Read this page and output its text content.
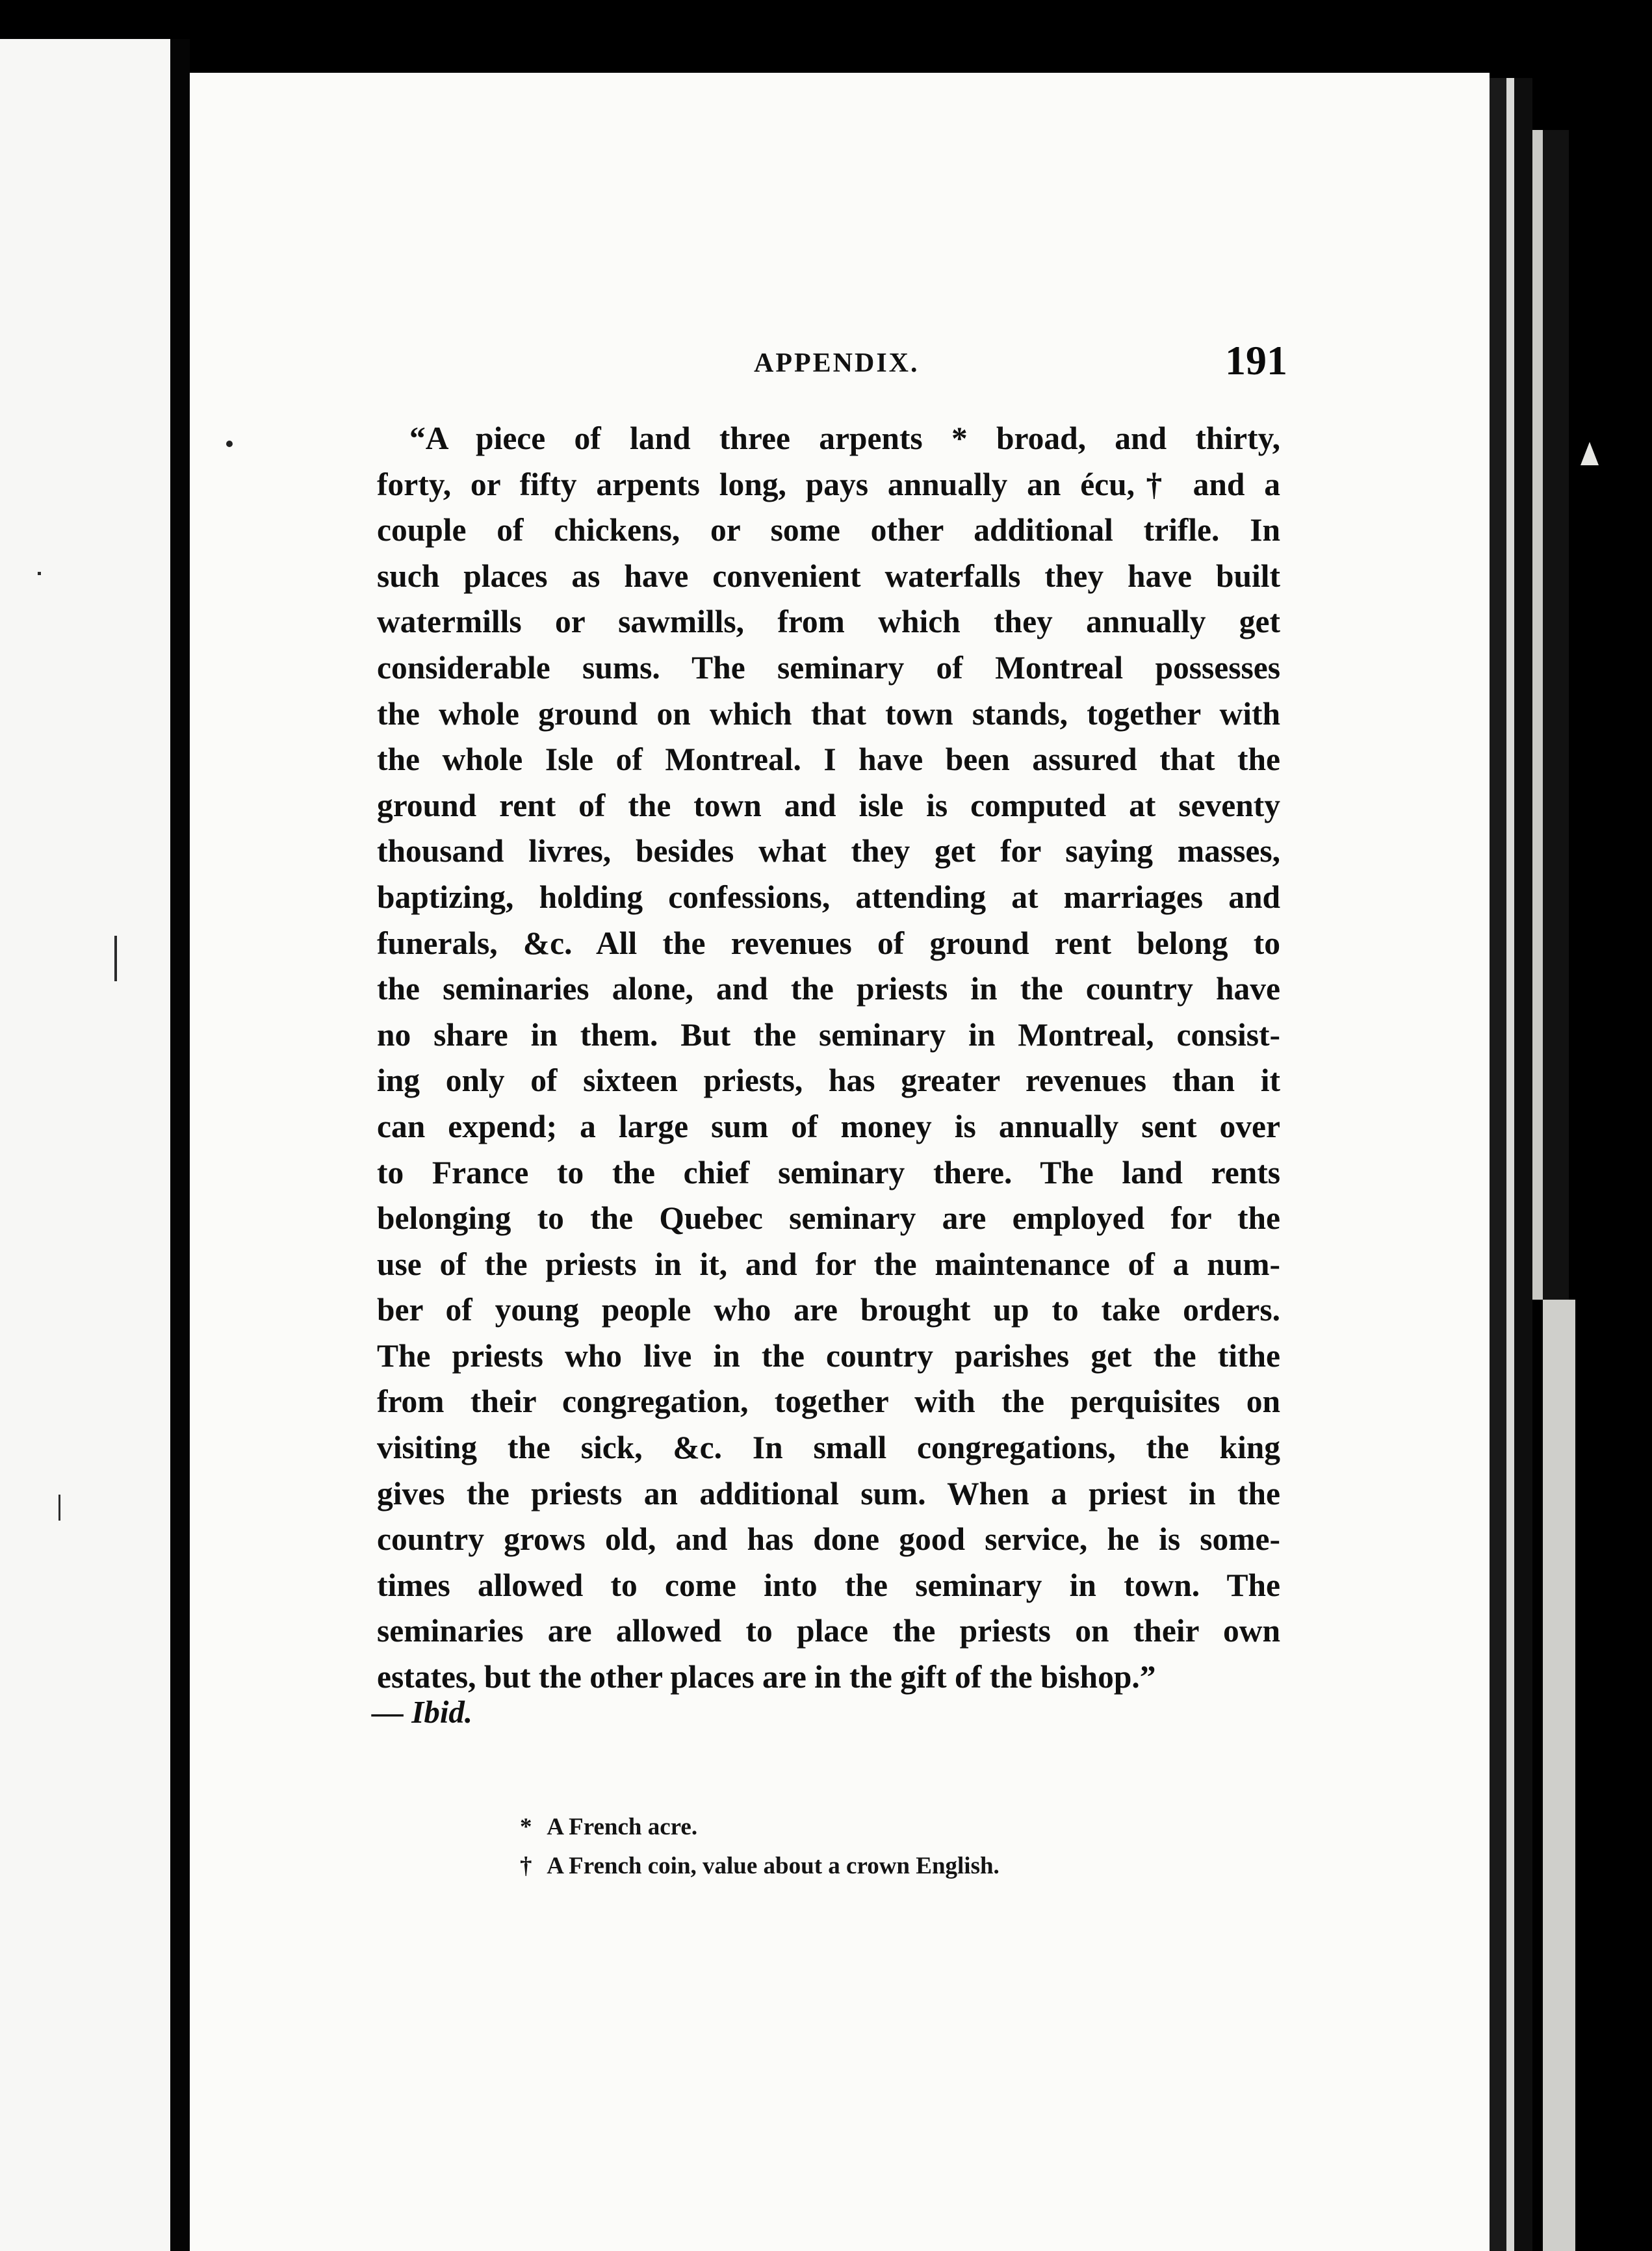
APPENDIX.	191
“A piece of land three arpents * broad, and thirty,
forty, or fifty arpents long, pays annually an écu,† and a
couple of chickens, or some other additional trifle. In
such places as have convenient waterfalls they have built
watermills or sawmills, from which they annually get
considerable sums. The seminary of Montreal possesses
the whole ground on which that town stands, together with
the whole Isle of Montreal. I have been assured that the
ground rent of the town and isle is computed at seventy
thousand livres, besides what they get for saying masses,
baptizing, holding confessions, attending at marriages and
funerals, &c. All the revenues of ground rent belong to
the seminaries alone, and the priests in the country have
no share in them. But the seminary in Montreal, consist-
ing only of sixteen priests, has greater revenues than it
can expend; a large sum of money is annually sent over
to France to the chief seminary there. The land rents
belonging to the Quebec seminary are employed for the
use of the priests in it, and for the maintenance of a num-
ber of young people who are brought up to take orders.
The priests who live in the country parishes get the tithe
from their congregation, together with the perquisites on
visiting the sick, &c. In small congregations, the king
gives the priests an additional sum. When a priest in the
country grows old, and has done good service, he is some-
times allowed to come into the seminary in town. The
seminaries are allowed to place the priests on their own
estates, but the other places are in the gift of the bishop.”
— Ibid.
* A French acre.
† A French coin, value about a crown English.
